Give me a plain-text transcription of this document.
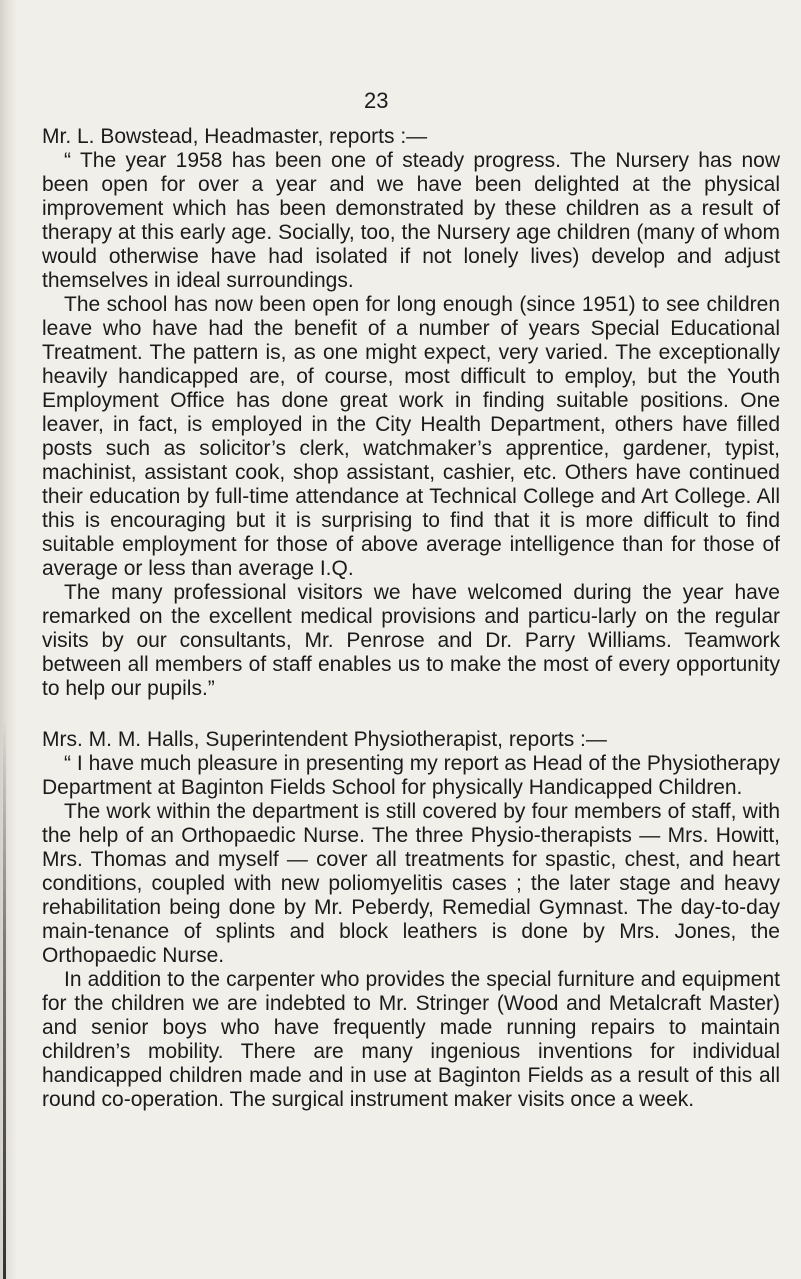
23

Mr. L. Bowstead, Headmaster, reports :—

“ The year 1958 has been one of steady progress. The Nursery has now been open for over a year and we have been delighted at the physical improvement which has been demonstrated by these children as a result of therapy at this early age. Socially, too, the Nursery age children (many of whom would otherwise have had isolated if not lonely lives) develop and adjust themselves in ideal surroundings.

The school has now been open for long enough (since 1951) to see children leave who have had the benefit of a number of years Special Educational Treatment. The pattern is, as one might expect, very varied. The exceptionally heavily handicapped are, of course, most difficult to employ, but the Youth Employment Office has done great work in finding suitable positions. One leaver, in fact, is employed in the City Health Department, others have filled posts such as solicitor’s clerk, watchmaker’s apprentice, gardener, typist, machinist, assistant cook, shop assistant, cashier, etc. Others have continued their education by full-time attendance at Technical College and Art College. All this is encouraging but it is surprising to find that it is more difficult to find suitable employment for those of above average intelligence than for those of average or less than average I.Q.

The many professional visitors we have welcomed during the year have remarked on the excellent medical provisions and particu-larly on the regular visits by our consultants, Mr. Penrose and Dr. Parry Williams. Teamwork between all members of staff enables us to make the most of every opportunity to help our pupils.”

Mrs. M. M. Halls, Superintendent Physiotherapist, reports :—

“ I have much pleasure in presenting my report as Head of the Physiotherapy Department at Baginton Fields School for physically Handicapped Children.

The work within the department is still covered by four members of staff, with the help of an Orthopaedic Nurse. The three Physio-therapists — Mrs. Howitt, Mrs. Thomas and myself — cover all treatments for spastic, chest, and heart conditions, coupled with new poliomyelitis cases ; the later stage and heavy rehabilitation being done by Mr. Peberdy, Remedial Gymnast. The day-to-day main-tenance of splints and block leathers is done by Mrs. Jones, the Orthopaedic Nurse.

In addition to the carpenter who provides the special furniture and equipment for the children we are indebted to Mr. Stringer (Wood and Metalcraft Master) and senior boys who have frequently made running repairs to maintain children’s mobility. There are many ingenious inventions for individual handicapped children made and in use at Baginton Fields as a result of this all round co-operation. The surgical instrument maker visits once a week.
